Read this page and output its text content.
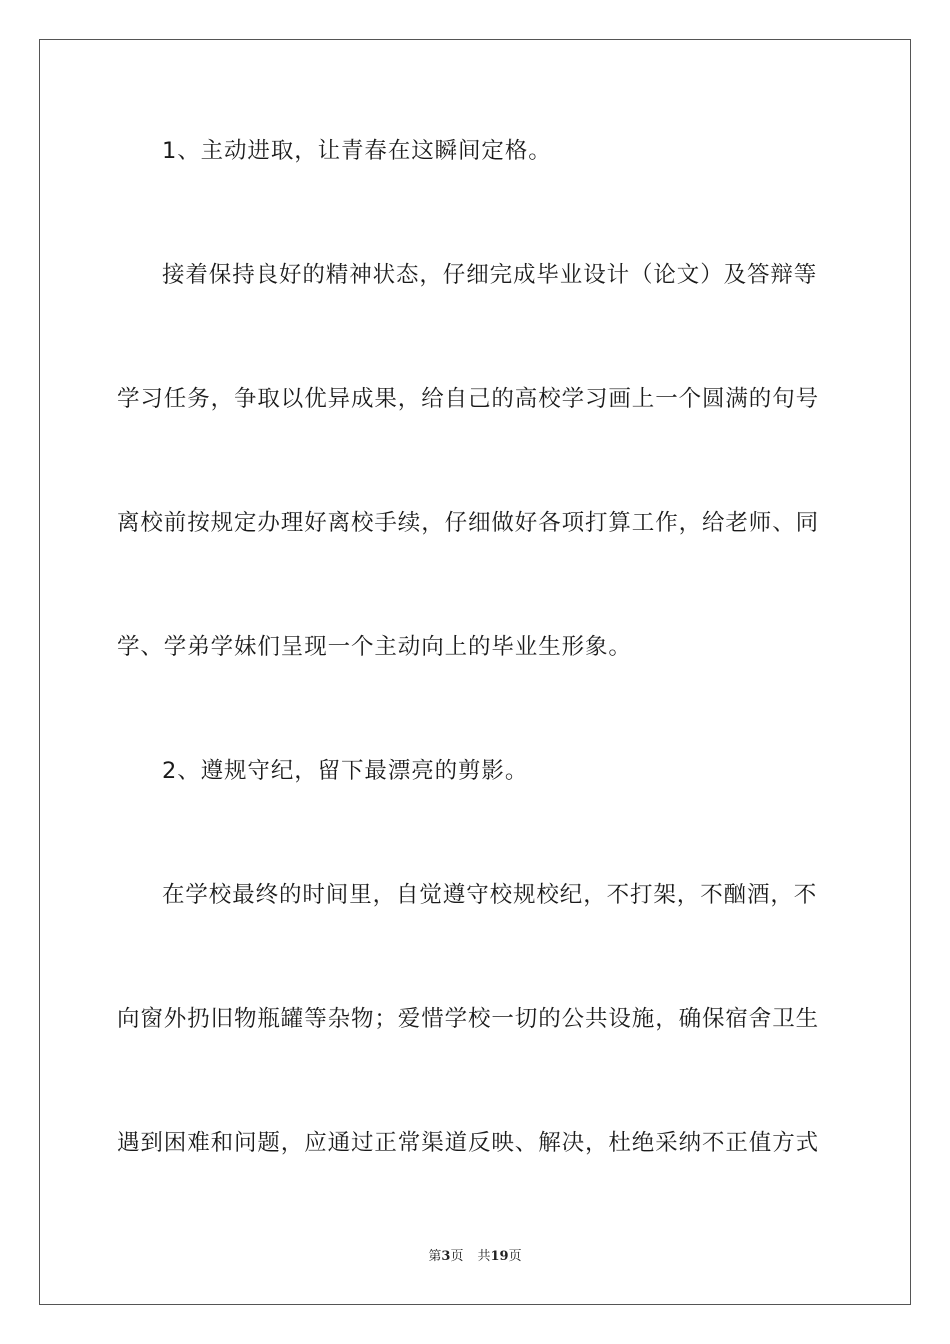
1、主动进取，让青春在这瞬间定格。
接着保持良好的精神状态，仔细完成毕业设计（论文）及答辩等
学习任务，争取以优异成果，给自己的高校学习画上一个圆满的句号
离校前按规定办理好离校手续，仔细做好各项打算工作，给老师、同
学、学弟学妹们呈现一个主动向上的毕业生形象。
2、遵规守纪，留下最漂亮的剪影。
在学校最终的时间里，自觉遵守校规校纪，不打架，不酗酒，不
向窗外扔旧物瓶罐等杂物；爱惜学校一切的公共设施，确保宿舍卫生
遇到困难和问题，应通过正常渠道反映、解决，杜绝采纳不正值方式
第3页 共19页
